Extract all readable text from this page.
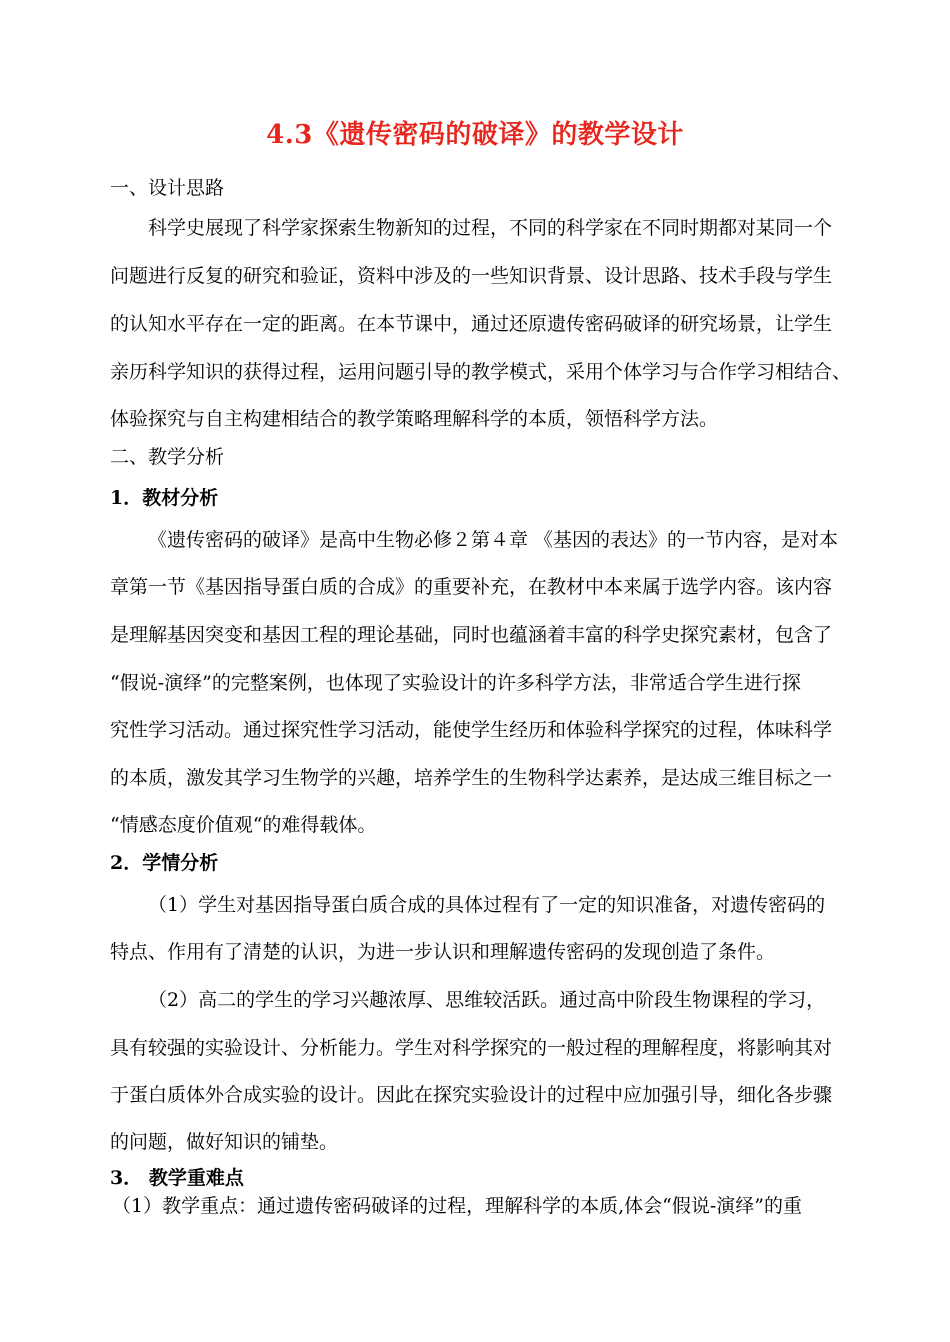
4.3《遗传密码的破译》的教学设计
一、设计思路
科学史展现了科学家探索生物新知的过程，不同的科学家在不同时期都对某同一个
问题进行反复的研究和验证，资料中涉及的一些知识背景、设计思路、技术手段与学生
的认知水平存在一定的距离。在本节课中，通过还原遗传密码破译的研究场景，让学生
亲历科学知识的获得过程，运用问题引导的教学模式，采用个体学习与合作学习相结合、
体验探究与自主构建相结合的教学策略理解科学的本质，领悟科学方法。
二、教学分析
1．教材分析
《遗传密码的破译》是高中生物必修２第４章 《基因的表达》的一节内容，是对本
章第一节《基因指导蛋白质的合成》的重要补充，在教材中本来属于选学内容。该内容
是理解基因突变和基因工程的理论基础，同时也蕴涵着丰富的科学史探究素材，包含了
“假说-演绎”的完整案例，也体现了实验设计的许多科学方法，非常适合学生进行探
究性学习活动。通过探究性学习活动，能使学生经历和体验科学探究的过程，体味科学
的本质，激发其学习生物学的兴趣，培养学生的生物科学达素养，是达成三维目标之一
“情感态度价值观“的难得载体。
2．学情分析
（1）学生对基因指导蛋白质合成的具体过程有了一定的知识准备，对遗传密码的
特点、作用有了清楚的认识，为进一步认识和理解遗传密码的发现创造了条件。
（2）高二的学生的学习兴趣浓厚、思维较活跃。通过高中阶段生物课程的学习，
具有较强的实验设计、分析能力。学生对科学探究的一般过程的理解程度，将影响其对
于蛋白质体外合成实验的设计。因此在探究实验设计的过程中应加强引导，细化各步骤
的问题，做好知识的铺垫。
3． 教学重难点
（1）教学重点：通过遗传密码破译的过程，理解科学的本质,体会“假说-演绎”的重
